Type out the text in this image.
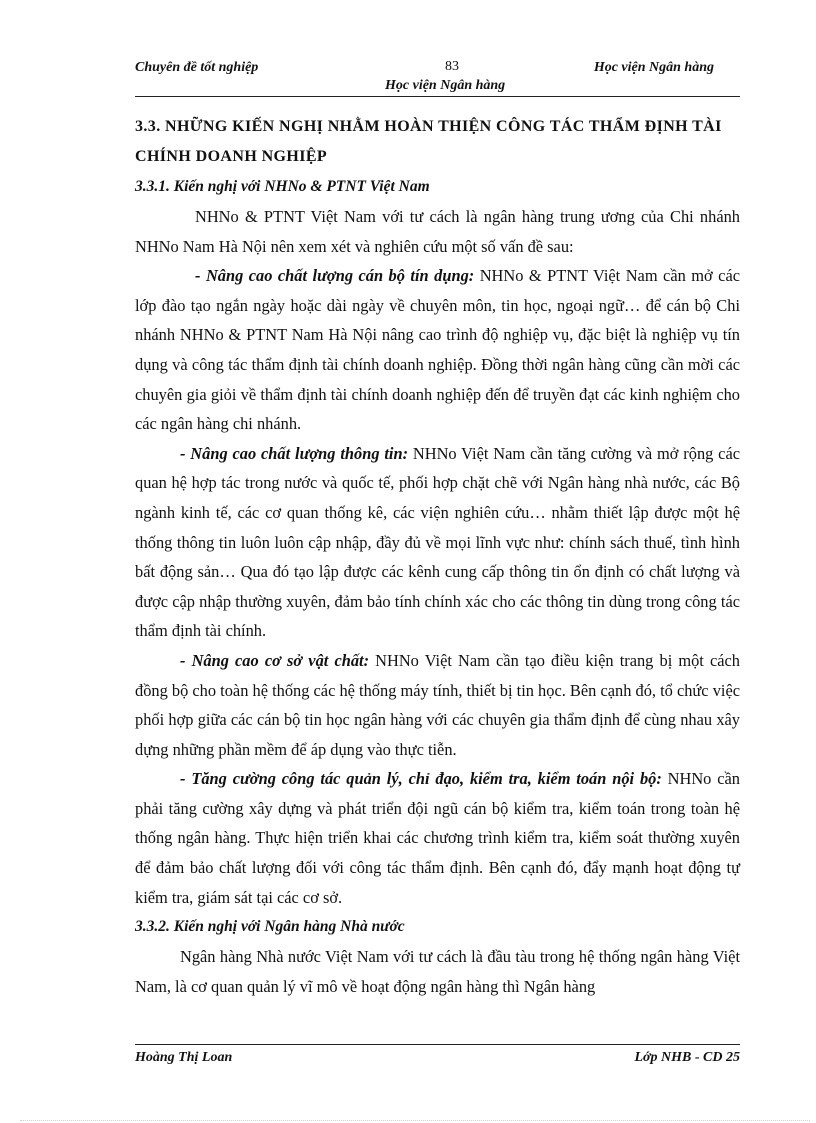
Chuyên đề tốt nghiệp	83	Học viện Ngân hàng
Học viện Ngân hàng
3.3. NHỮNG KIẾN NGHỊ NHẰM HOÀN THIỆN CÔNG TÁC THẨM ĐỊNH TÀI CHÍNH DOANH NGHIỆP
3.3.1. Kiến nghị với NHNo & PTNT Việt Nam

NHNo & PTNT Việt Nam với tư cách là ngân hàng trung ương của Chi nhánh NHNo Nam Hà Nội nên xem xét và nghiên cứu một số vấn đề sau:

- Nâng cao chất lượng cán bộ tín dụng: NHNo & PTNT Việt Nam cần mở các lớp đào tạo ngắn ngày hoặc dài ngày về chuyên môn, tin học, ngoại ngữ… để cán bộ Chi nhánh NHNo & PTNT Nam Hà Nội nâng cao trình độ nghiệp vụ, đặc biệt là nghiệp vụ tín dụng và công tác thẩm định tài chính doanh nghiệp. Đồng thời ngân hàng cũng cần mời các chuyên gia giỏi về thẩm định tài chính doanh nghiệp đến để truyền đạt các kinh nghiệm cho các ngân hàng chi nhánh.

- Nâng cao chất lượng thông tin: NHNo Việt Nam cần tăng cường và mở rộng các quan hệ hợp tác trong nước và quốc tế, phối hợp chặt chẽ với Ngân hàng nhà nước, các Bộ ngành kinh tế, các cơ quan thống kê, các viện nghiên cứu… nhằm thiết lập được một hệ thống thông tin luôn luôn cập nhập, đầy đủ về mọi lĩnh vực như: chính sách thuế, tình hình bất động sản… Qua đó tạo lập được các kênh cung cấp thông tin ổn định có chất lượng và được cập nhập thường xuyên, đảm bảo tính chính xác cho các thông tin dùng trong công tác thẩm định tài chính.

- Nâng cao cơ sở vật chất: NHNo Việt Nam cần tạo điều kiện trang bị một cách đồng bộ cho toàn hệ thống các hệ thống máy tính, thiết bị tin học. Bên cạnh đó, tổ chức việc phối hợp giữa các cán bộ tin học ngân hàng với các chuyên gia thẩm định để cùng nhau xây dựng những phần mềm để áp dụng vào thực tiễn.

- Tăng cường công tác quản lý, chỉ đạo, kiểm tra, kiểm toán nội bộ: NHNo cần phải tăng cường xây dựng và phát triển đội ngũ cán bộ kiểm tra, kiểm toán trong toàn hệ thống ngân hàng. Thực hiện triển khai các chương trình kiểm tra, kiểm soát thường xuyên để đảm bảo chất lượng đối với công tác thẩm định. Bên cạnh đó, đẩy mạnh hoạt động tự kiểm tra, giám sát tại các cơ sở.

3.3.2. Kiến nghị với Ngân hàng Nhà nước

Ngân hàng Nhà nước Việt Nam với tư cách là đầu tàu trong hệ thống ngân hàng Việt Nam, là cơ quan quản lý vĩ mô về hoạt động ngân hàng thì Ngân hàng

Hoàng Thị Loan	Lớp NHB - CD 25
